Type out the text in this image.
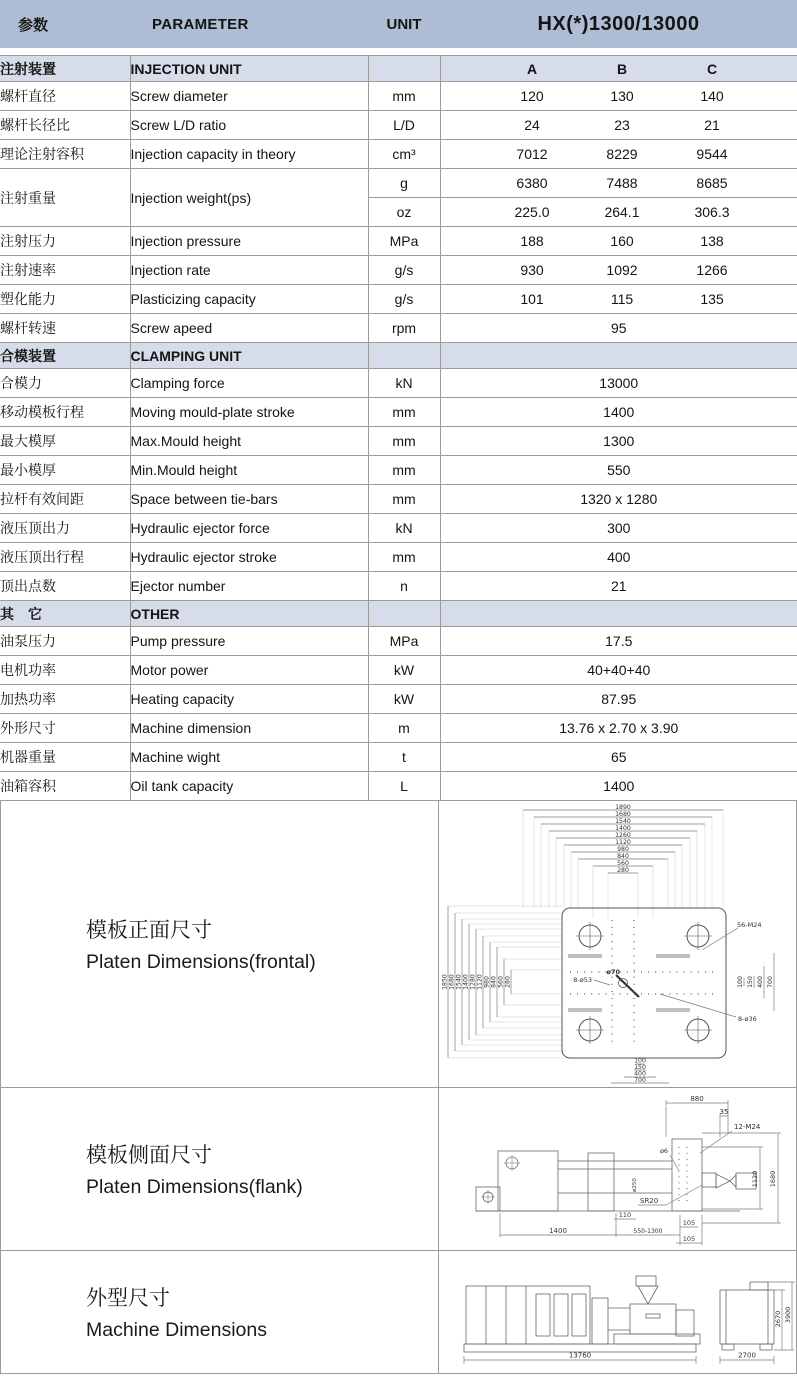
参数	PARAMETER	UNIT	HX(*)1300/13000
注射装置	INJECTION UNIT			A	B	C	
螺杆直径	Screw diameter	mm		120	130	140	
螺杆长径比	Screw L/D ratio	L/D		24	23	21	
理论注射容积	Injection capacity in theory	cm³		7012	8229	9544	
注射重量	Injection weight(ps)	g		6380	7488	8685	
		oz		225.0	264.1	306.3	
注射压力	Injection pressure	MPa		188	160	138	
注射速率	Injection rate	g/s		930	1092	1266	
塑化能力	Plasticizing capacity	g/s		101	115	135	
螺杆转速	Screw apeed	rpm	95				
合模装置	CLAMPING UNIT						
合模力	Clamping force	kN	13000				
移动模板行程	Moving mould-plate stroke	mm	1400				
最大模厚	Max.Mould height	mm	1300				
最小模厚	Min.Mould height	mm	550				
拉杆有效间距	Space between tie-bars	mm	1320 x 1280				
液压顶出力	Hydraulic ejector force	kN	300				
液压顶出行程	Hydraulic ejector stroke	mm	400				
顶出点数	Ejector number	n	21				
其　它	OTHER						
油泵压力	Pump pressure	MPa	17.5				
电机功率	Motor power	kW	40+40+40				
加热功率	Heating capacity	kW	87.95				
外形尺寸	Machine dimension	m	13.76 x 2.70 x 3.90				
机器重量	Machine wight	t	65				
油箱容积	Oil tank capacity	L	1400				
模板正面尺寸
Platen Dimensions(frontal)
1890
1680
1540
1400
1260
1120
980
840
560
280
1850 1680 1540 1400 1280 1120 980 840 560 280	100 150 400 700
100
150
400
700
ø70
8-ø53
56-M24
8-ø36
模板侧面尺寸
Platen Dimensions(flank)
880
35
12-M24
ø6
ø250
SR20
1120 1680
110
1400	550-1300
105
105
外型尺寸
Machine Dimensions
13760	2700
2670 3900
